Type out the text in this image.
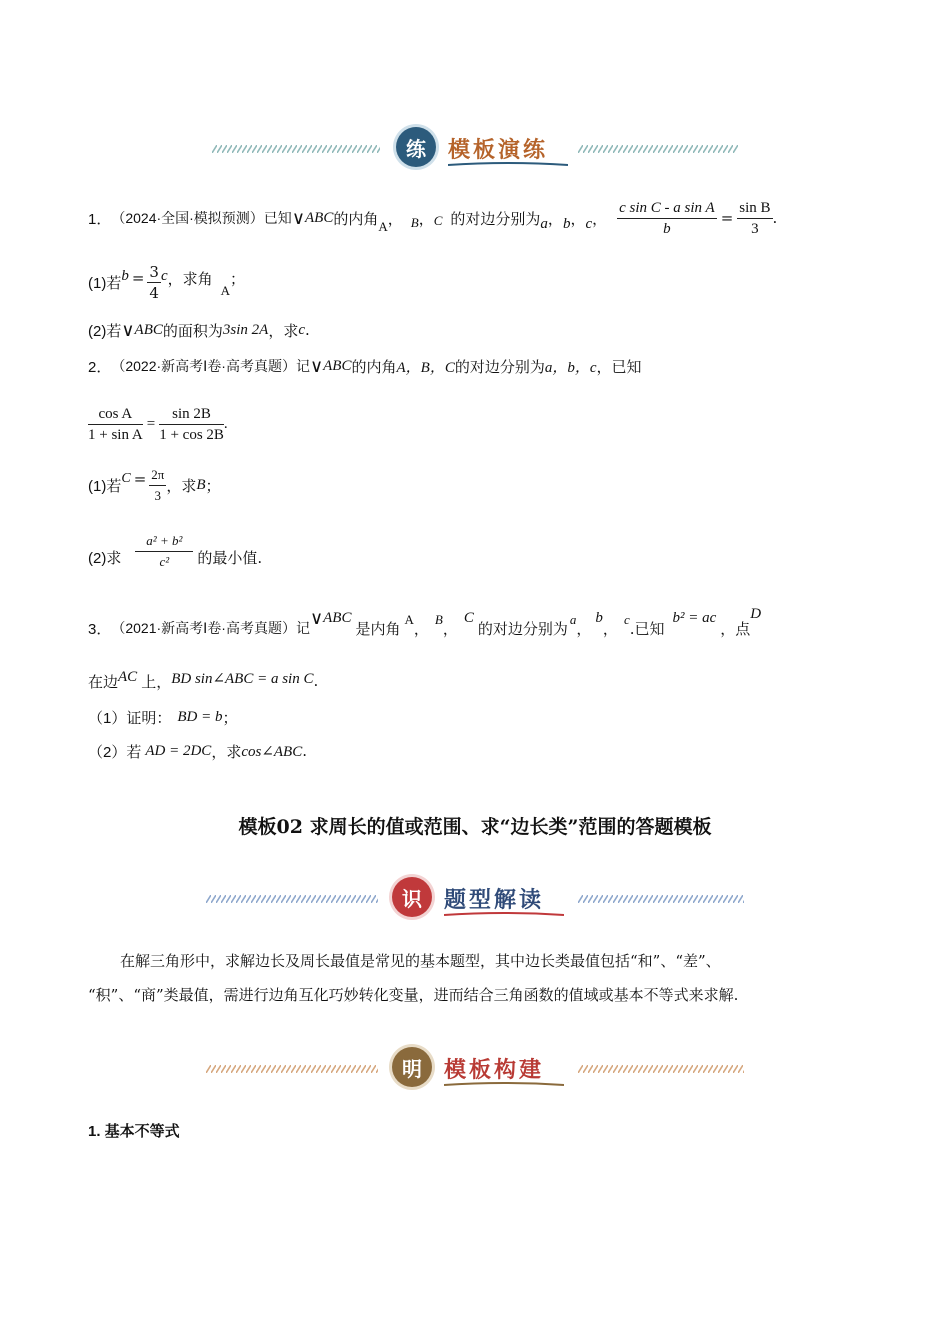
练	模板演练
1． （2024·全国·模拟预测）已知 ∨ ABC 的内角 A ， B ， C 的对边分别为 a ， b ， c ， $\frac{\text{c sin C - a sin A}}{b} = \frac{\text{sin B}}{3}$ .
(1)若 $b = \frac{3}{4}$ c ，求角
A
；
(2)若 ∨ ABC 的面积为 3sin 2A ，求 c .
2． （2022·新高考Ⅰ卷·高考真题）记 ∨ ABC 的内角 A，B，C 的对边分别为 a，b，c ，已知
$\frac{\text{cos A}}{\text{1 + sin A}} = \frac{\sin 2B}{1 + \cos 2B}$ .
(1)若 $C = \frac{2\pi}{3}$ ，求 B ；
(2)求 $\frac{\text{a² + b²}}{\text{c²}}$ 的最小值.
3． （2021·新高考Ⅰ卷·高考真题）记 ∨ ABC
是内角 A ， B ，
C
的对边分别为 a ，
b
， c .已知
b² = ac
，点
D
在边 AC 上， BD sin∠ABC = a sin C .
（1）证明： BD = b ；
（2）若 AD = 2DC ，求 cos∠ABC .
模板02 求周长的值或范围、求“边长类”范围的答题模板
识	题型解读
在解三角形中，求解边长及周长最值是常见的基本题型，其中边长类最值包括“和”、“差”、
“积”、“商”类最值，需进行边角互化巧妙转化变量，进而结合三角函数的值域或基本不等式来求解.
明	模板构建
1. 基本不等式
